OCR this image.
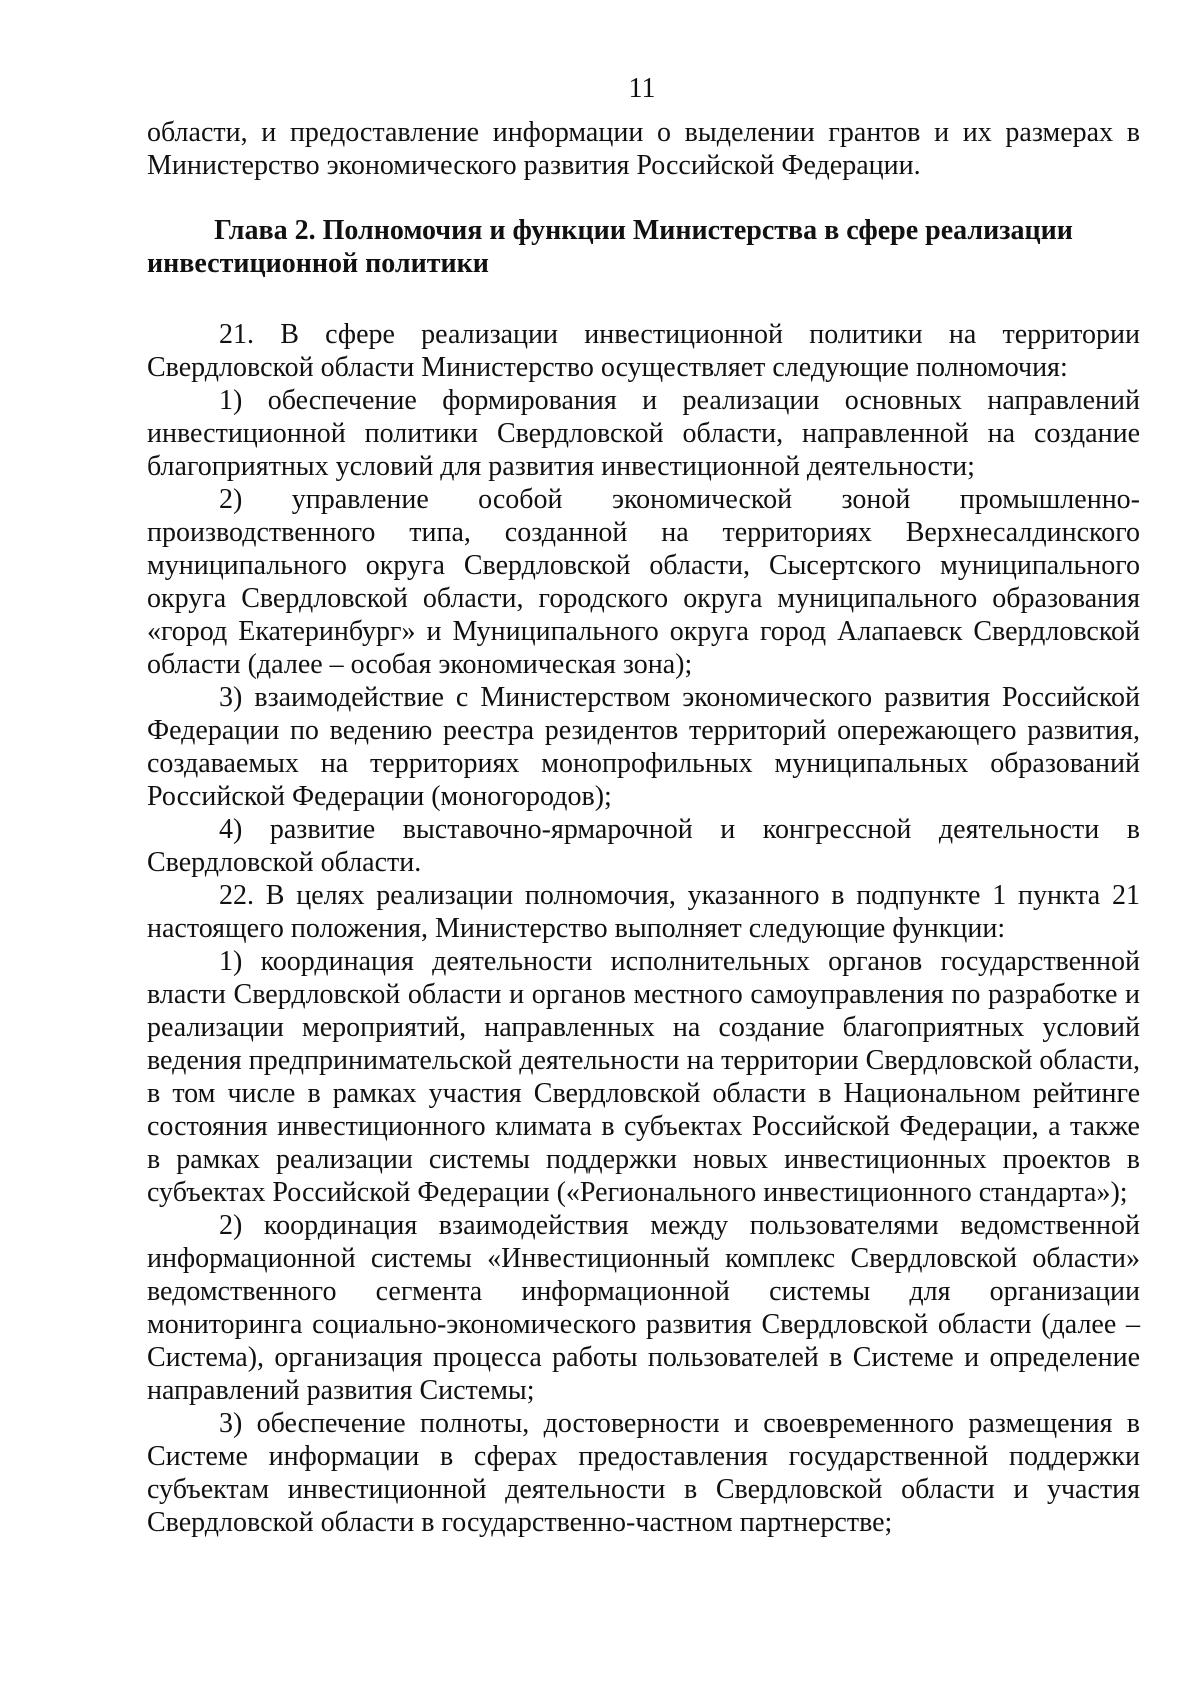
11

области, и предоставление информации о выделении грантов и их размерах в Министерство экономического развития Российской Федерации.

Глава 2. Полномочия и функции Министерства в сфере реализации инвестиционной политики

21. В сфере реализации инвестиционной политики на территории Свердловской области Министерство осуществляет следующие полномочия:

1) обеспечение формирования и реализации основных направлений инвестиционной политики Свердловской области, направленной на создание благоприятных условий для развития инвестиционной деятельности;

2) управление особой экономической зоной промышленно-производственного типа, созданной на территориях Верхнесалдинского муниципального округа Свердловской области, Сысертского муниципального округа Свердловской области, городского округа муниципального образования «город Екатеринбург» и Муниципального округа город Алапаевск Свердловской области (далее – особая экономическая зона);

3) взаимодействие с Министерством экономического развития Российской Федерации по ведению реестра резидентов территорий опережающего развития, создаваемых на территориях монопрофильных муниципальных образований Российской Федерации (моногородов);

4) развитие выставочно-ярмарочной и конгрессной деятельности в Свердловской области.

22. В целях реализации полномочия, указанного в подпункте 1 пункта 21 настоящего положения, Министерство выполняет следующие функции:

1) координация деятельности исполнительных органов государственной власти Свердловской области и органов местного самоуправления по разработке и реализации мероприятий, направленных на создание благоприятных условий ведения предпринимательской деятельности на территории Свердловской области, в том числе в рамках участия Свердловской области в Национальном рейтинге состояния инвестиционного климата в субъектах Российской Федерации, а также в рамках реализации системы поддержки новых инвестиционных проектов в субъектах Российской Федерации («Регионального инвестиционного стандарта»);

2) координация взаимодействия между пользователями ведомственной информационной системы «Инвестиционный комплекс Свердловской области» ведомственного сегмента информационной системы для организации мониторинга социально-экономического развития Свердловской области (далее – Система), организация процесса работы пользователей в Системе и определение направлений развития Системы;

3) обеспечение полноты, достоверности и своевременного размещения в Системе информации в сферах предоставления государственной поддержки субъектам инвестиционной деятельности в Свердловской области и участия Свердловской области в государственно-частном партнерстве;
